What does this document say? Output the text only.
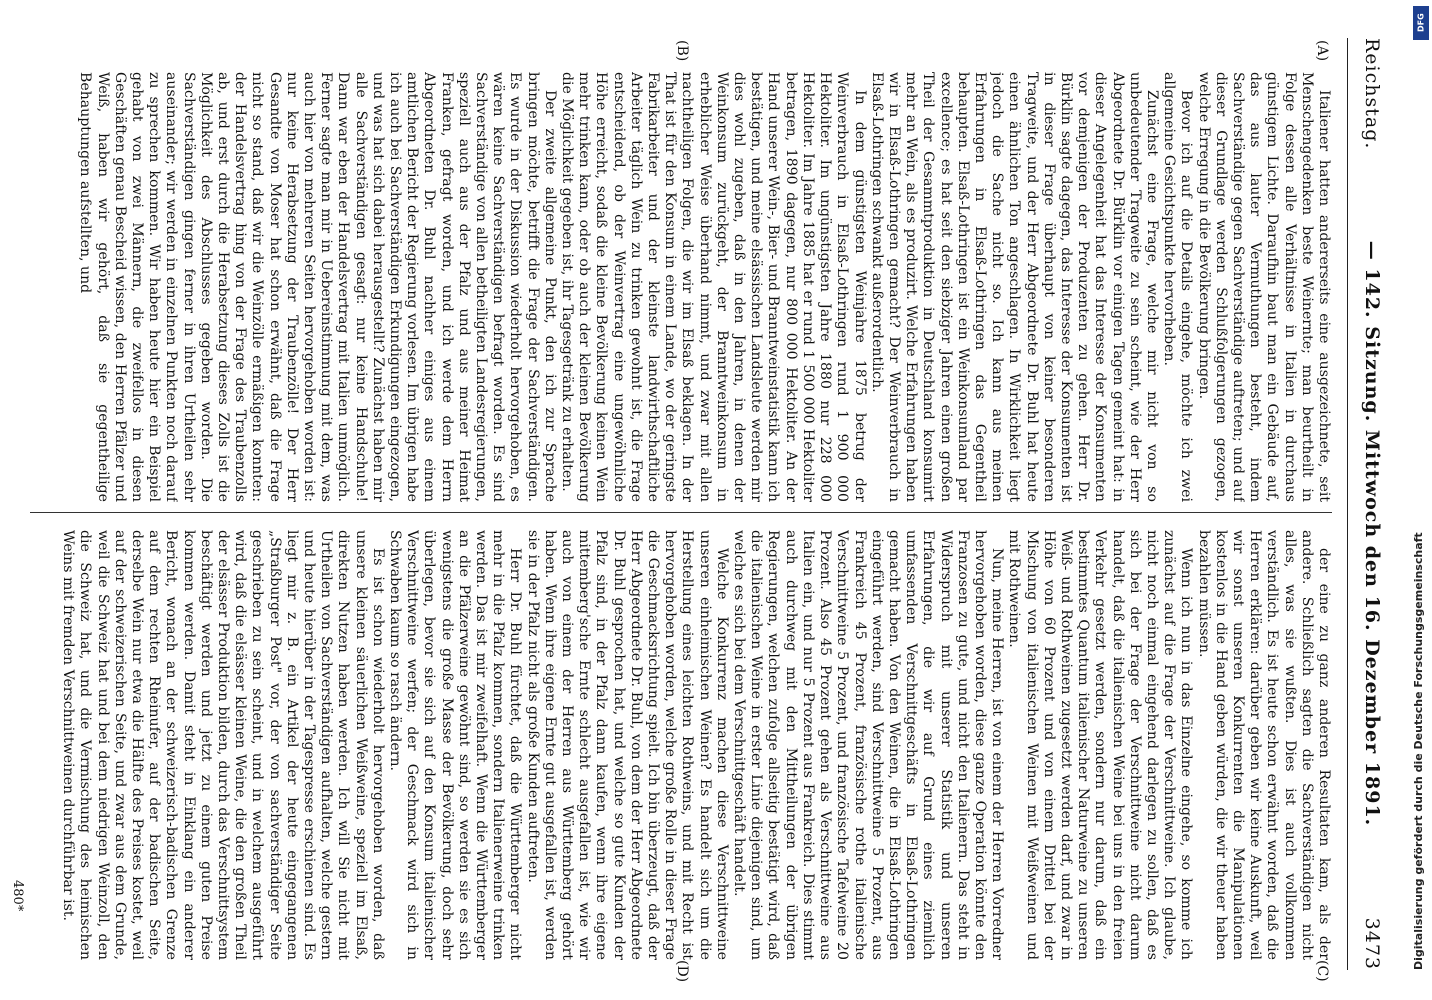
Reichstag.
— 142. Sitzung. Mittwoch den 16. Dezember 1891.
3473
(A)
(B)
(C)
(D)

Italiener hatten andererseits eine ausgezeichnete, seit Menschengedenken beste Weinernte; man beurtheilt in Folge dessen alle Verhältnisse in Italien in durchaus günstigem Lichte. Daraufhin baut man ein Gebäude auf, das aus lauter Vermuthungen besteht, indem Sachverständige gegen Sachverständige auftreten; und auf dieser Grundlage werden Schlußfolgerungen gezogen, welche Erregung in die Bevölkerung bringen.

Bevor ich auf die Details eingehe, möchte ich zwei allgemeine Gesichtspunkte hervorheben.

Zunächst eine Frage, welche mir nicht von so unbedeutender Tragweite zu sein scheint, wie der Herr Abgeordnete Dr. Bürklin vor einigen Tagen gemeint hat: in dieser Angelegenheit hat das Interesse der Konsumenten vor demjenigen der Produzenten zu gehen. Herr Dr. Bürklin sagte dagegen, das Interesse der Konsumenten ist in dieser Frage überhaupt von keiner besonderen Tragweite, und der Herr Abgeordnete Dr. Buhl hat heute einen ähnlichen Ton angeschlagen. In Wirklichkeit liegt jedoch die Sache nicht so. Ich kann aus meinen Erfahrungen in Elsaß-Lothringen das Gegentheil behaupten. Elsaß-Lothringen ist ein Weinkonsumland par excellence; es hat seit den siebziger Jahren einen großen Theil der Gesammtproduktion in Deutschland konsumirt mehr an Wein, als es produzirt. Welche Erfahrungen haben wir in Elsaß-Lothringen gemacht? Der Weinverbrauch in Elsaß-Lothringen schwankt außerordentlich.

In dem günstigsten Weinjahre 1875 betrug der Weinverbrauch in Elsaß-Lothringen rund 1 900 000 Hektoliter. Im ungünstigsten Jahre 1880 nur 228 000 Hektoliter. Im Jahre 1885 hat er rund 1 500 000 Hektoliter betragen, 1890 dagegen, nur 800 000 Hektoliter. An der Hand unserer Wein-, Bier- und Branntweinstatistik kann ich bestätigen, und meine elsässischen Landsleute werden mir dies wohl zugeben, daß in den Jahren, in denen der Weinkonsum zurückgeht, der Branntweinkonsum in erheblicher Weise überhand nimmt, und zwar mit allen nachtheiligen Folgen, die wir im Elsaß beklagen. In der That ist für den Konsum in einem Lande, wo der geringste Fabrikarbeiter und der kleinste landwirthschaftliche Arbeiter täglich Wein zu trinken gewohnt ist, die Frage entscheidend, ob der Weinvertrag eine ungewöhnliche Höhe erreicht, sodaß die kleine Bevölkerung keinen Wein mehr trinken kann, oder ob auch der kleinen Bevölkerung die Möglichkeit gegeben ist, ihr Tagesgetränk zu erhalten.

Der zweite allgemeine Punkt, den ich zur Sprache bringen möchte, betrifft die Frage der Sachverständigen. Es wurde in der Diskussion wiederholt hervorgehoben, es wären keine Sachverständigen befragt worden. Es sind Sachverständige von allen betheiligten Landesregierungen, speziell auch aus der Pfalz und aus meiner Heimat Franken, gefragt worden, und ich werde dem Herrn Abgeordneten Dr. Buhl nachher einiges aus einem amtlichen Bericht der Regierung vorlesen. Im übrigen habe ich auch bei Sachverständigen Erkundigungen eingezogen, und was hat sich dabei herausgestellt? Zunächst haben mir alle Sachverständigen gesagt: nur keine Handschuhe! Dann war eben der Handelsvertrag mit Italien unmöglich. Ferner sagte man mir in Uebereinstimmung mit dem, was auch hier von mehreren Seiten hervorgehoben worden ist: nur keine Herabsetzung der Traubenzölle! Der Herr Gesandte von Moser hat schon erwähnt, daß die Frage nicht so stand, daß wir die Weinzölle ermäßigen konnten: der Handelsvertrag hing von der Frage des Traubenzolls ab, und erst durch die Herabsetzung dieses Zolls ist die Möglichkeit des Abschlusses gegeben worden. Die Sachverständigen gingen ferner in ihren Urtheilen sehr auseinander; wir werden in einzelnen Punkten noch darauf zu sprechen kommen. Wir haben heute hier ein Beispiel gehabt von zwei Männern, die zweifellos in diesen Geschäften genau Bescheid wissen, den Herren Pfälzer und Weiß, haben wir gehört, daß sie gegentheilige Behauptungen aufstellten, und

der eine zu ganz anderen Resultaten kam, als der andere. Schließlich sagten die Sachverständigen nicht alles, was sie wußten. Dies ist auch vollkommen verständlich. Es ist heute schon erwähnt worden, daß die Herren erklären: darüber geben wir keine Auskunft, weil wir sonst unseren Konkurrenten die Manipulationen kostenlos in die Hand geben würden, die wir theuer haben bezahlen müssen.

Wenn ich nun in das Einzelne eingehe, so komme ich zunächst auf die Frage der Verschnittweine. Ich glaube, nicht noch einmal eingehend darlegen zu sollen, daß es sich bei der Frage der Verschnittweine nicht darum handelt, daß die italienischen Weine bei uns in den freien Verkehr gesetzt werden, sondern nur darum, daß ein bestimmtes Quantum italienischer Naturweine zu unseren Weiß- und Rothweinen zugesetzt werden darf, und zwar in Höhe von 60 Prozent und von einem Drittel bei der Mischung von italienischen Weinen mit Weißweinen und mit Rothweinen.

Nun, meine Herren, ist von einem der Herren Vorredner hervorgehoben worden, diese ganze Operation könnte den Franzosen zu gute, und nicht den Italienern. Das steht in Widerspruch mit unserer Statistik und unseren Erfahrungen, die wir auf Grund eines ziemlich umfassenden Verschnittgeschäfts in Elsaß-Lothringen gemacht haben. Von den Weinen, die in Elsaß-Lothringen eingeführt werden, sind Verschnittweine 5 Prozent, aus Frankreich 45 Prozent, französische rothe italienische Verschnittweine 5 Prozent, und französische Tafelweine 20 Prozent. Also 45 Prozent gehen als Verschnittweine aus Italien ein, und nur 5 Prozent aus Frankreich. Dies stimmt auch durchweg mit den Mittheilungen der übrigen Regierungen, welchen zufolge allseitig bestätigt wird, daß die italienischen Weine in erster Linie diejenigen sind, um welche es sich bei dem Verschnittgeschäft handelt.

Welche Konkurrenz machen diese Verschnittweine unseren einheimischen Weinen? Es handelt sich um die Herstellung eines leichten Rothweins, und mit Recht ist hervorgehoben worden, welche große Rolle in dieser Frage die Geschmacksrichtung spielt. Ich bin überzeugt, daß der Herr Abgeordnete Dr. Buhl, von dem der Herr Abgeordnete Dr. Buhl gesprochen hat, und welche so gute Kunden der Pfalz sind, in der Pfalz dann kaufen, wenn ihre eigene mittemberg'sche Ernte schlecht ausgefallen ist, wie wir auch von einem der Herren aus Württemberg gehört haben. Wenn ihre eigene Ernte gut ausgefallen ist, werden sie in der Pfalz nicht als große Kunden auftreten.

Herr Dr. Buhl fürchtet, daß die Württemberger nicht mehr in die Pfalz kommen, sondern Italienerweine trinken werden. Das ist mir zweifelhaft. Wenn die Württemberger an die Pfälzerweine gewöhnt sind, so werden sie es sich wenigstens die große Masse der Bevölkerung, doch sehr überlegen, bevor sie sich auf den Konsum italienischer Verschnittweine werfen; der Geschmack wird sich in Schwaben kaum so rasch ändern.

Es ist schon wiederholt hervorgehoben worden, daß unsere kleinen säuerlichen Weißweine, speziell im Elsaß, direkten Nutzen haben werden. Ich will Sie nicht mit Urtheilen von Sachverständigen aufhalten, welche gestern und heute hierüber in der Tagespresse erschienen sind. Es liegt mir z. B. ein Artikel der heute eingegangenen „Straßburger Post" vor, der von sachverständiger Seite geschrieben zu sein scheint, und in welchem ausgeführt wird, daß die elsässer kleinen Weine, die den großen Theil der elsässer Produktion bilden, durch das Verschnittsystem beschäftigt werden und jetzt zu einem guten Preise kommen werden. Damit steht in Einklang ein anderer Bericht, wonach an der schweizerisch-badischen Grenze auf dem rechten Rheinufer, auf der badischen Seite, derselbe Wein nur etwa die Hälfte des Preises kostet, weil auf der schweizerischen Seite, und zwar aus dem Grunde, weil die Schweiz hat und bei dem niedrigen Weinzoll, den die Schweiz hat, und die Vermischung des heimischen Weins mit fremden Verschnittweinen durchführbar ist.

480*
DFG
Digitalisierung gefördert durch die Deutsche Forschungsgemeinschaft
